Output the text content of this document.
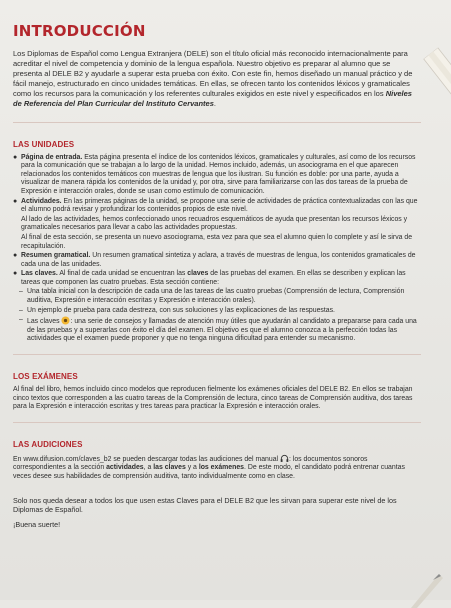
INTRODUCCIÓN

Los Diplomas de Español como Lengua Extranjera (DELE) son el título oficial más reconocido internacionalmente para acreditar el nivel de competencia y dominio de la lengua española. Nuestro objetivo es preparar al alumno que se presenta al DELE B2 y ayudarle a superar esta prueba con éxito. Con este fin, hemos diseñado un manual práctico y de fácil manejo, estructurado en cinco unidades temáticas. En ellas, se ofrecen tanto los contenidos léxicos y gramaticales como los recursos para la comunicación y los referentes culturales exigidos en este nivel y especificados en los Niveles de Referencia del Plan Curricular del Instituto Cervantes.

LAS UNIDADES
● Página de entrada. Esta página presenta el índice de los contenidos léxicos, gramaticales y culturales, así como de los recursos para la comunicación que se trabajan a lo largo de la unidad. Hemos incluido, además, un asociograma en el que aparecen relacionados los contenidos temáticos con muestras de lengua que los ilustran. Su función es doble: por una parte, ayuda a visualizar de manera rápida los contenidos de la unidad y, por otra, sirve para familiarizarse con las dos tareas de la prueba de Expresión e interacción orales, donde se usan como estímulo de comunicación.
● Actividades. En las primeras páginas de la unidad, se propone una serie de actividades de práctica contextualizadas con las que el alumno podrá revisar y profundizar los contenidos propios de este nivel.
Al lado de las actividades, hemos confeccionado unos recuadros esquemáticos de ayuda que presentan los recursos léxicos y gramaticales necesarios para llevar a cabo las actividades propuestas.
Al final de esta sección, se presenta un nuevo asociograma, esta vez para que sea el alumno quien lo complete y así le sirva de recapitulación.
● Resumen gramatical. Un resumen gramatical sintetiza y aclara, a través de muestras de lengua, los contenidos gramaticales de cada una de las unidades.
● Las claves. Al final de cada unidad se encuentran las claves de las pruebas del examen. En ellas se describen y explican las tareas que componen las cuatro pruebas. Esta sección contiene:
– Una tabla inicial con la descripción de cada una de las tareas de las cuatro pruebas (Comprensión de lectura, Comprensión auditiva, Expresión e interacción escritas y Expresión e interacción orales).
– Un ejemplo de prueba para cada destreza, con sus soluciones y las explicaciones de las respuestas.
– Las claves : una serie de consejos y llamadas de atención muy útiles que ayudarán al candidato a prepararse para cada una de las pruebas y a superarlas con éxito el día del examen. El objetivo es que el alumno conozca a la perfección todas las actividades que el examen puede proponer y que no tenga ninguna dificultad para entender su mecanismo.
LOS EXÁMENES
Al final del libro, hemos incluido cinco modelos que reproducen fielmente los exámenes oficiales del DELE B2. En ellos se trabajan cinco textos que corresponden a las cuatro tareas de la Comprensión de lectura, cinco tareas de Comprensión auditiva, dos tareas para la Expresión e interacción escritas y tres tareas para practicar la Expresión e interacción orales.
LAS AUDICIONES
En www.difusion.com/claves_b2 se pueden descargar todas las audiciones del manual : los documentos sonoros correspondientes a la sección actividades, a las claves y a los exámenes. De este modo, el candidato podrá entrenar cuantas veces desee sus habilidades de comprensión auditiva, tanto individualmente como en clase.
Solo nos queda desear a todos los que usen estas Claves para el DELE B2 que les sirvan para superar este nivel de los Diplomas de Español.
¡Buena suerte!
